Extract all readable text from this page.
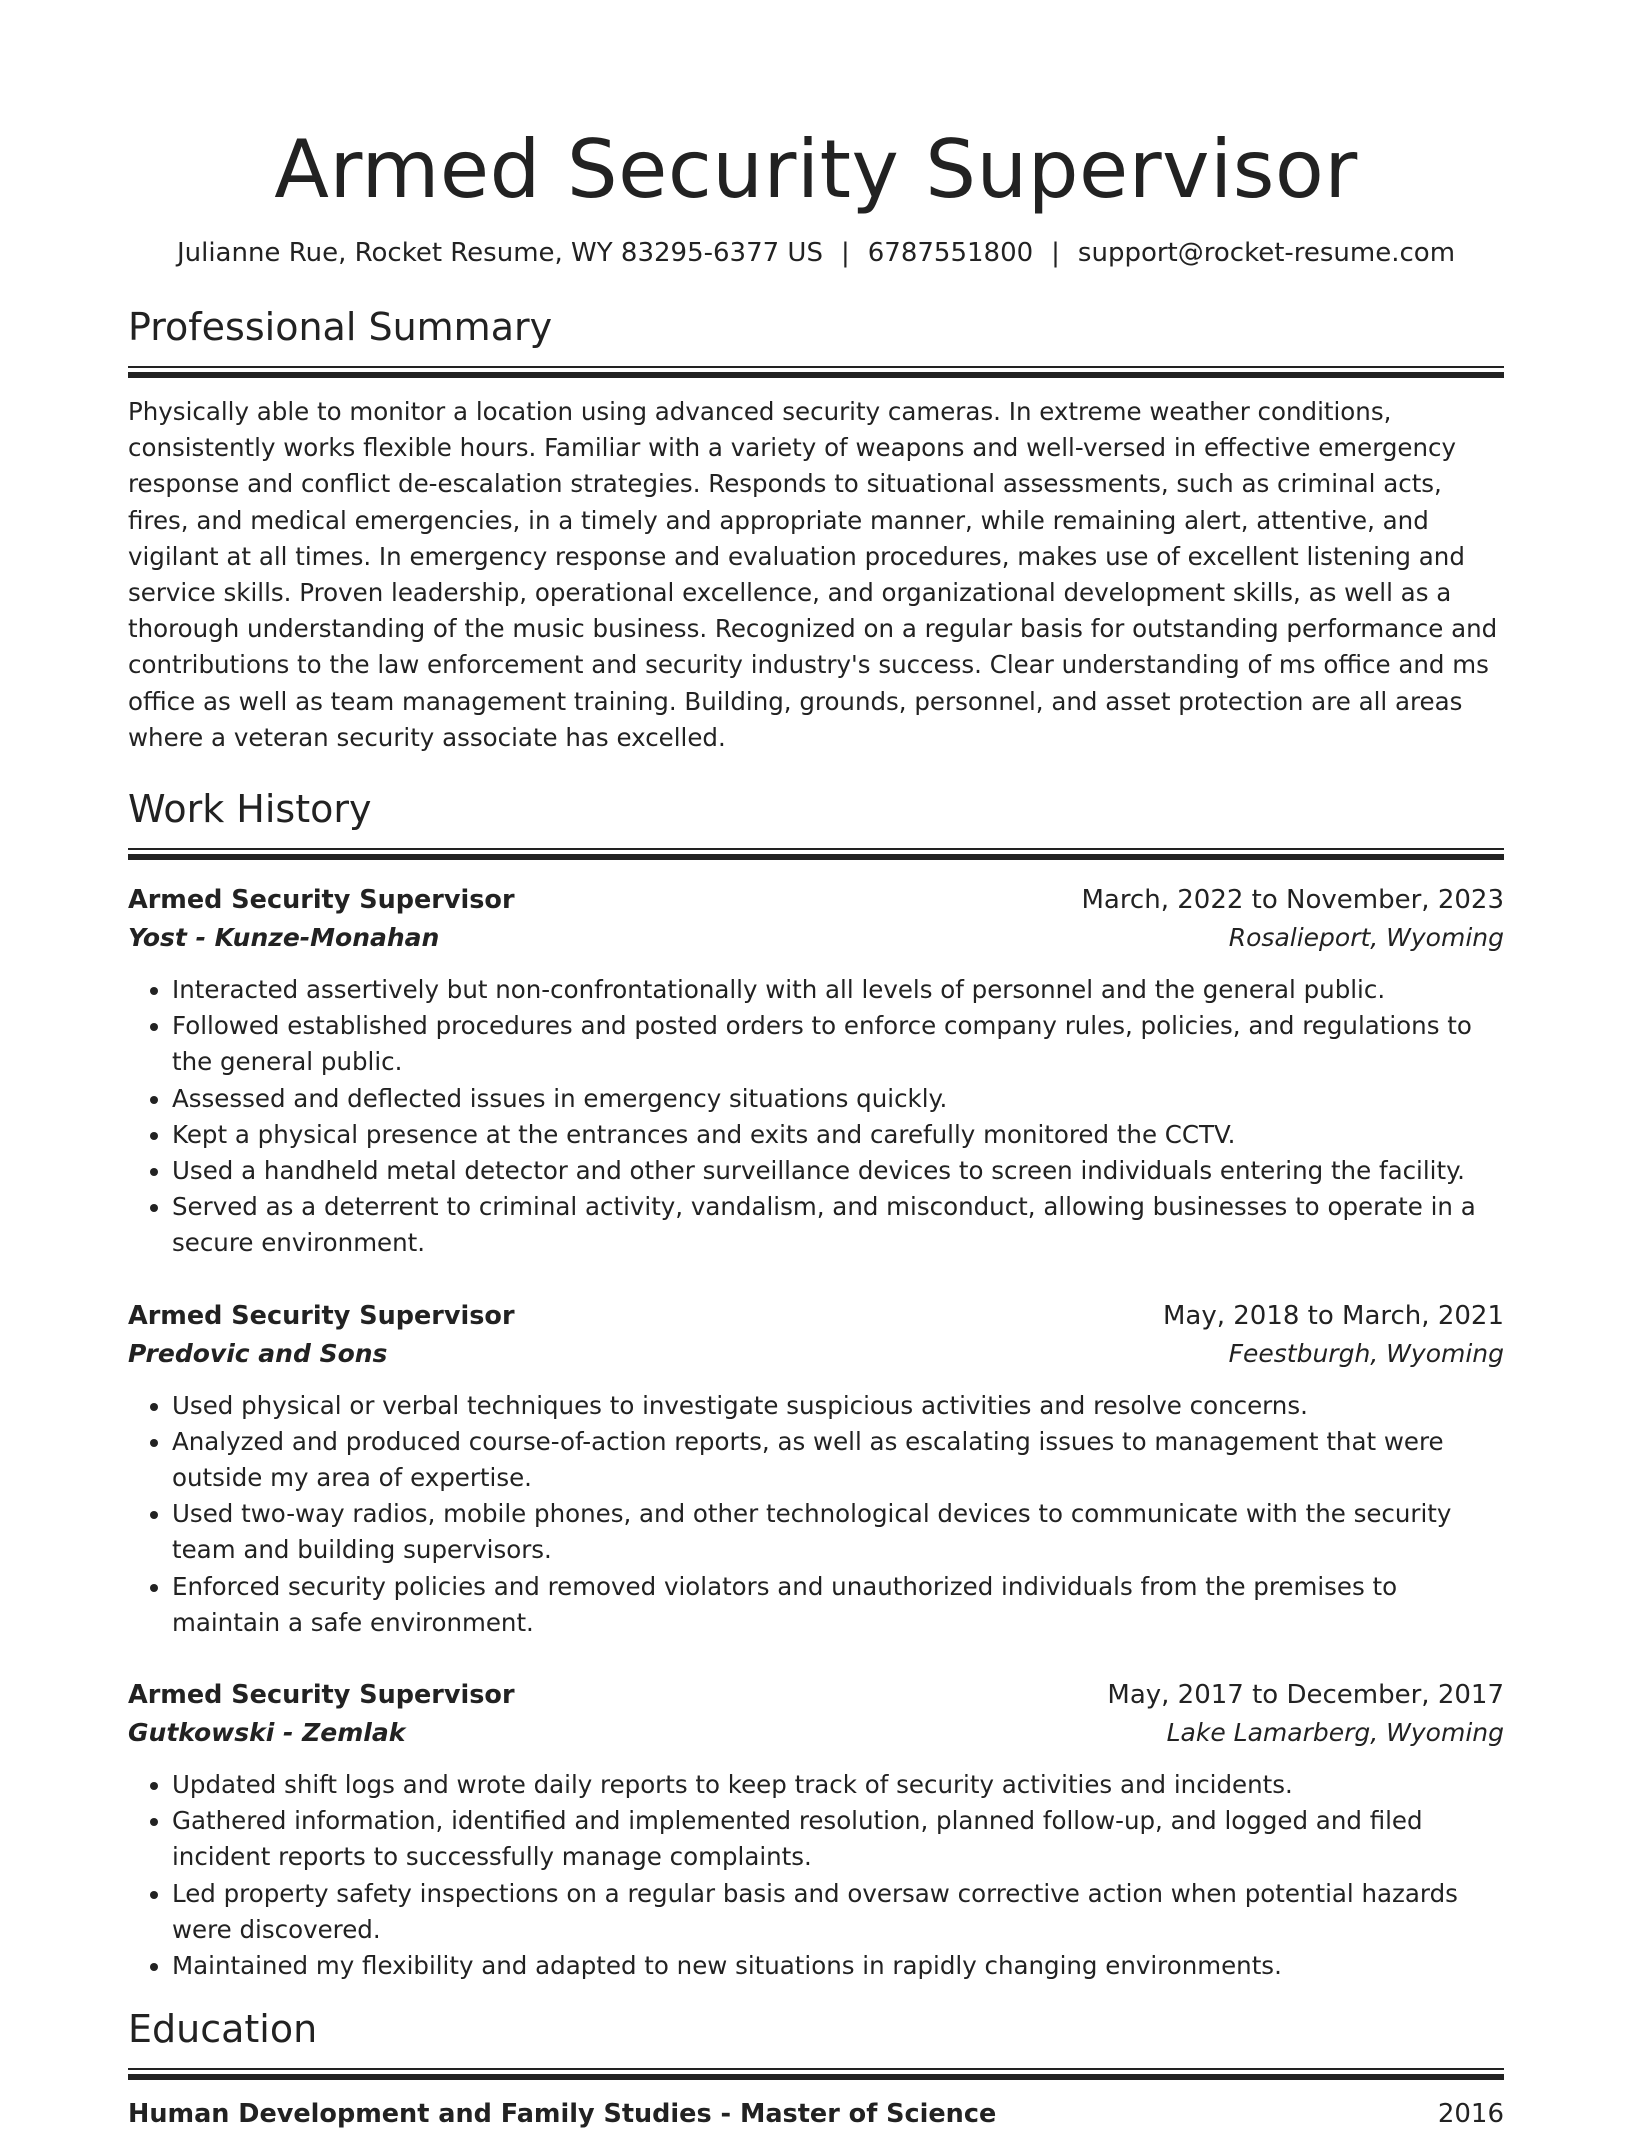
Armed Security Supervisor
Julianne Rue, Rocket Resume, WY 83295-6377 US | 6787551800 | support@rocket-resume.com
Professional Summary
Physically able to monitor a location using advanced security cameras. In extreme weather conditions, consistently works flexible hours. Familiar with a variety of weapons and well-versed in effective emergency response and conflict de-escalation strategies. Responds to situational assessments, such as criminal acts, fires, and medical emergencies, in a timely and appropriate manner, while remaining alert, attentive, and vigilant at all times. In emergency response and evaluation procedures, makes use of excellent listening and service skills. Proven leadership, operational excellence, and organizational development skills, as well as a thorough understanding of the music business. Recognized on a regular basis for outstanding performance and contributions to the law enforcement and security industry's success. Clear understanding of ms office and ms office as well as team management training. Building, grounds, personnel, and asset protection are all areas where a veteran security associate has excelled.
Work History
Armed Security Supervisor	March, 2022 to November, 2023
Yost - Kunze-Monahan	Rosalieport, Wyoming
• Interacted assertively but non-confrontationally with all levels of personnel and the general public.
• Followed established procedures and posted orders to enforce company rules, policies, and regulations to the general public.
• Assessed and deflected issues in emergency situations quickly.
• Kept a physical presence at the entrances and exits and carefully monitored the CCTV.
• Used a handheld metal detector and other surveillance devices to screen individuals entering the facility.
• Served as a deterrent to criminal activity, vandalism, and misconduct, allowing businesses to operate in a secure environment.
Armed Security Supervisor	May, 2018 to March, 2021
Predovic and Sons	Feestburgh, Wyoming
• Used physical or verbal techniques to investigate suspicious activities and resolve concerns.
• Analyzed and produced course-of-action reports, as well as escalating issues to management that were outside my area of expertise.
• Used two-way radios, mobile phones, and other technological devices to communicate with the security team and building supervisors.
• Enforced security policies and removed violators and unauthorized individuals from the premises to maintain a safe environment.
Armed Security Supervisor	May, 2017 to December, 2017
Gutkowski - Zemlak	Lake Lamarberg, Wyoming
• Updated shift logs and wrote daily reports to keep track of security activities and incidents.
• Gathered information, identified and implemented resolution, planned follow-up, and logged and filed incident reports to successfully manage complaints.
• Led property safety inspections on a regular basis and oversaw corrective action when potential hazards were discovered.
• Maintained my flexibility and adapted to new situations in rapidly changing environments.
Education
Human Development and Family Studies - Master of Science	2016
